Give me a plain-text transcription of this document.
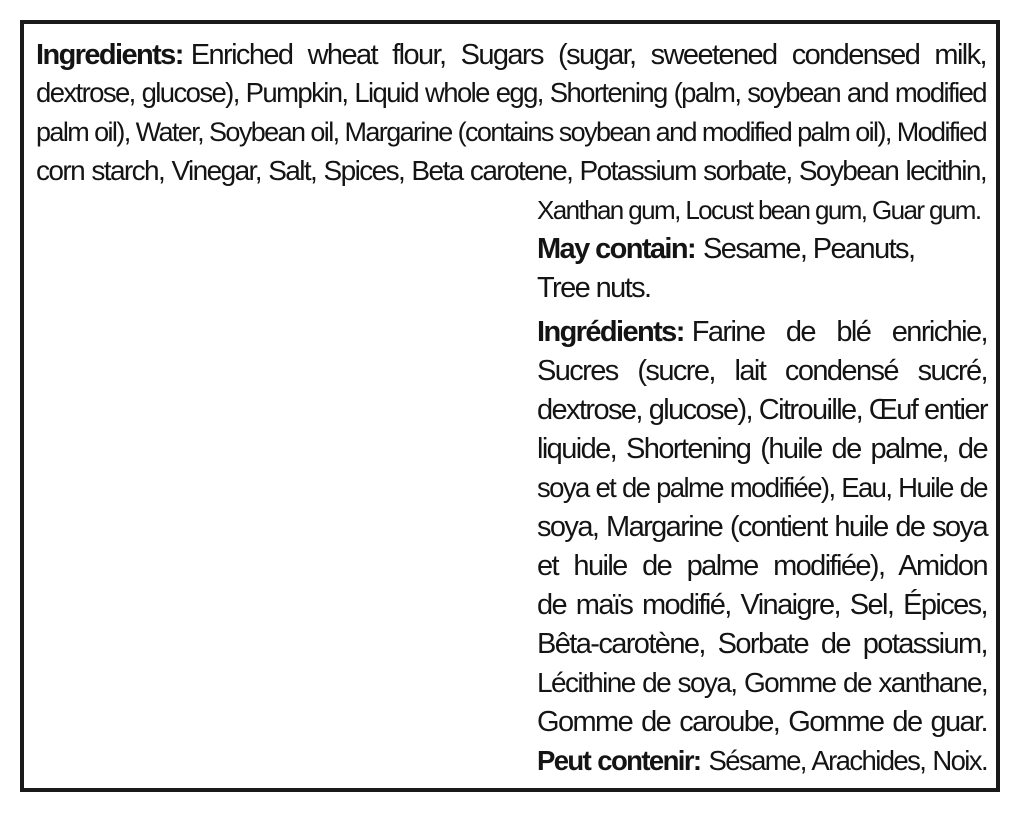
Ingredients: Enriched wheat flour, Sugars (sugar, sweetened condensed milk,
dextrose, glucose), Pumpkin, Liquid whole egg, Shortening (palm, soybean and modified
palm oil), Water, Soybean oil, Margarine (contains soybean and modified palm oil), Modified
corn starch, Vinegar, Salt, Spices, Beta carotene, Potassium sorbate, Soybean lecithin,
Xanthan gum, Locust bean gum, Guar gum.
May contain: Sesame, Peanuts,
Tree nuts.
Ingrédients: Farine de blé enrichie,
Sucres (sucre, lait condensé sucré,
dextrose, glucose), Citrouille, Œuf entier
liquide, Shortening (huile de palme, de
soya et de palme modifiée), Eau, Huile de
soya, Margarine (contient huile de soya
et huile de palme modifiée), Amidon
de maïs modifié, Vinaigre, Sel, Épices,
Bêta-carotène, Sorbate de potassium,
Lécithine de soya, Gomme de xanthane,
Gomme de caroube, Gomme de guar.
Peut contenir: Sésame, Arachides, Noix.
